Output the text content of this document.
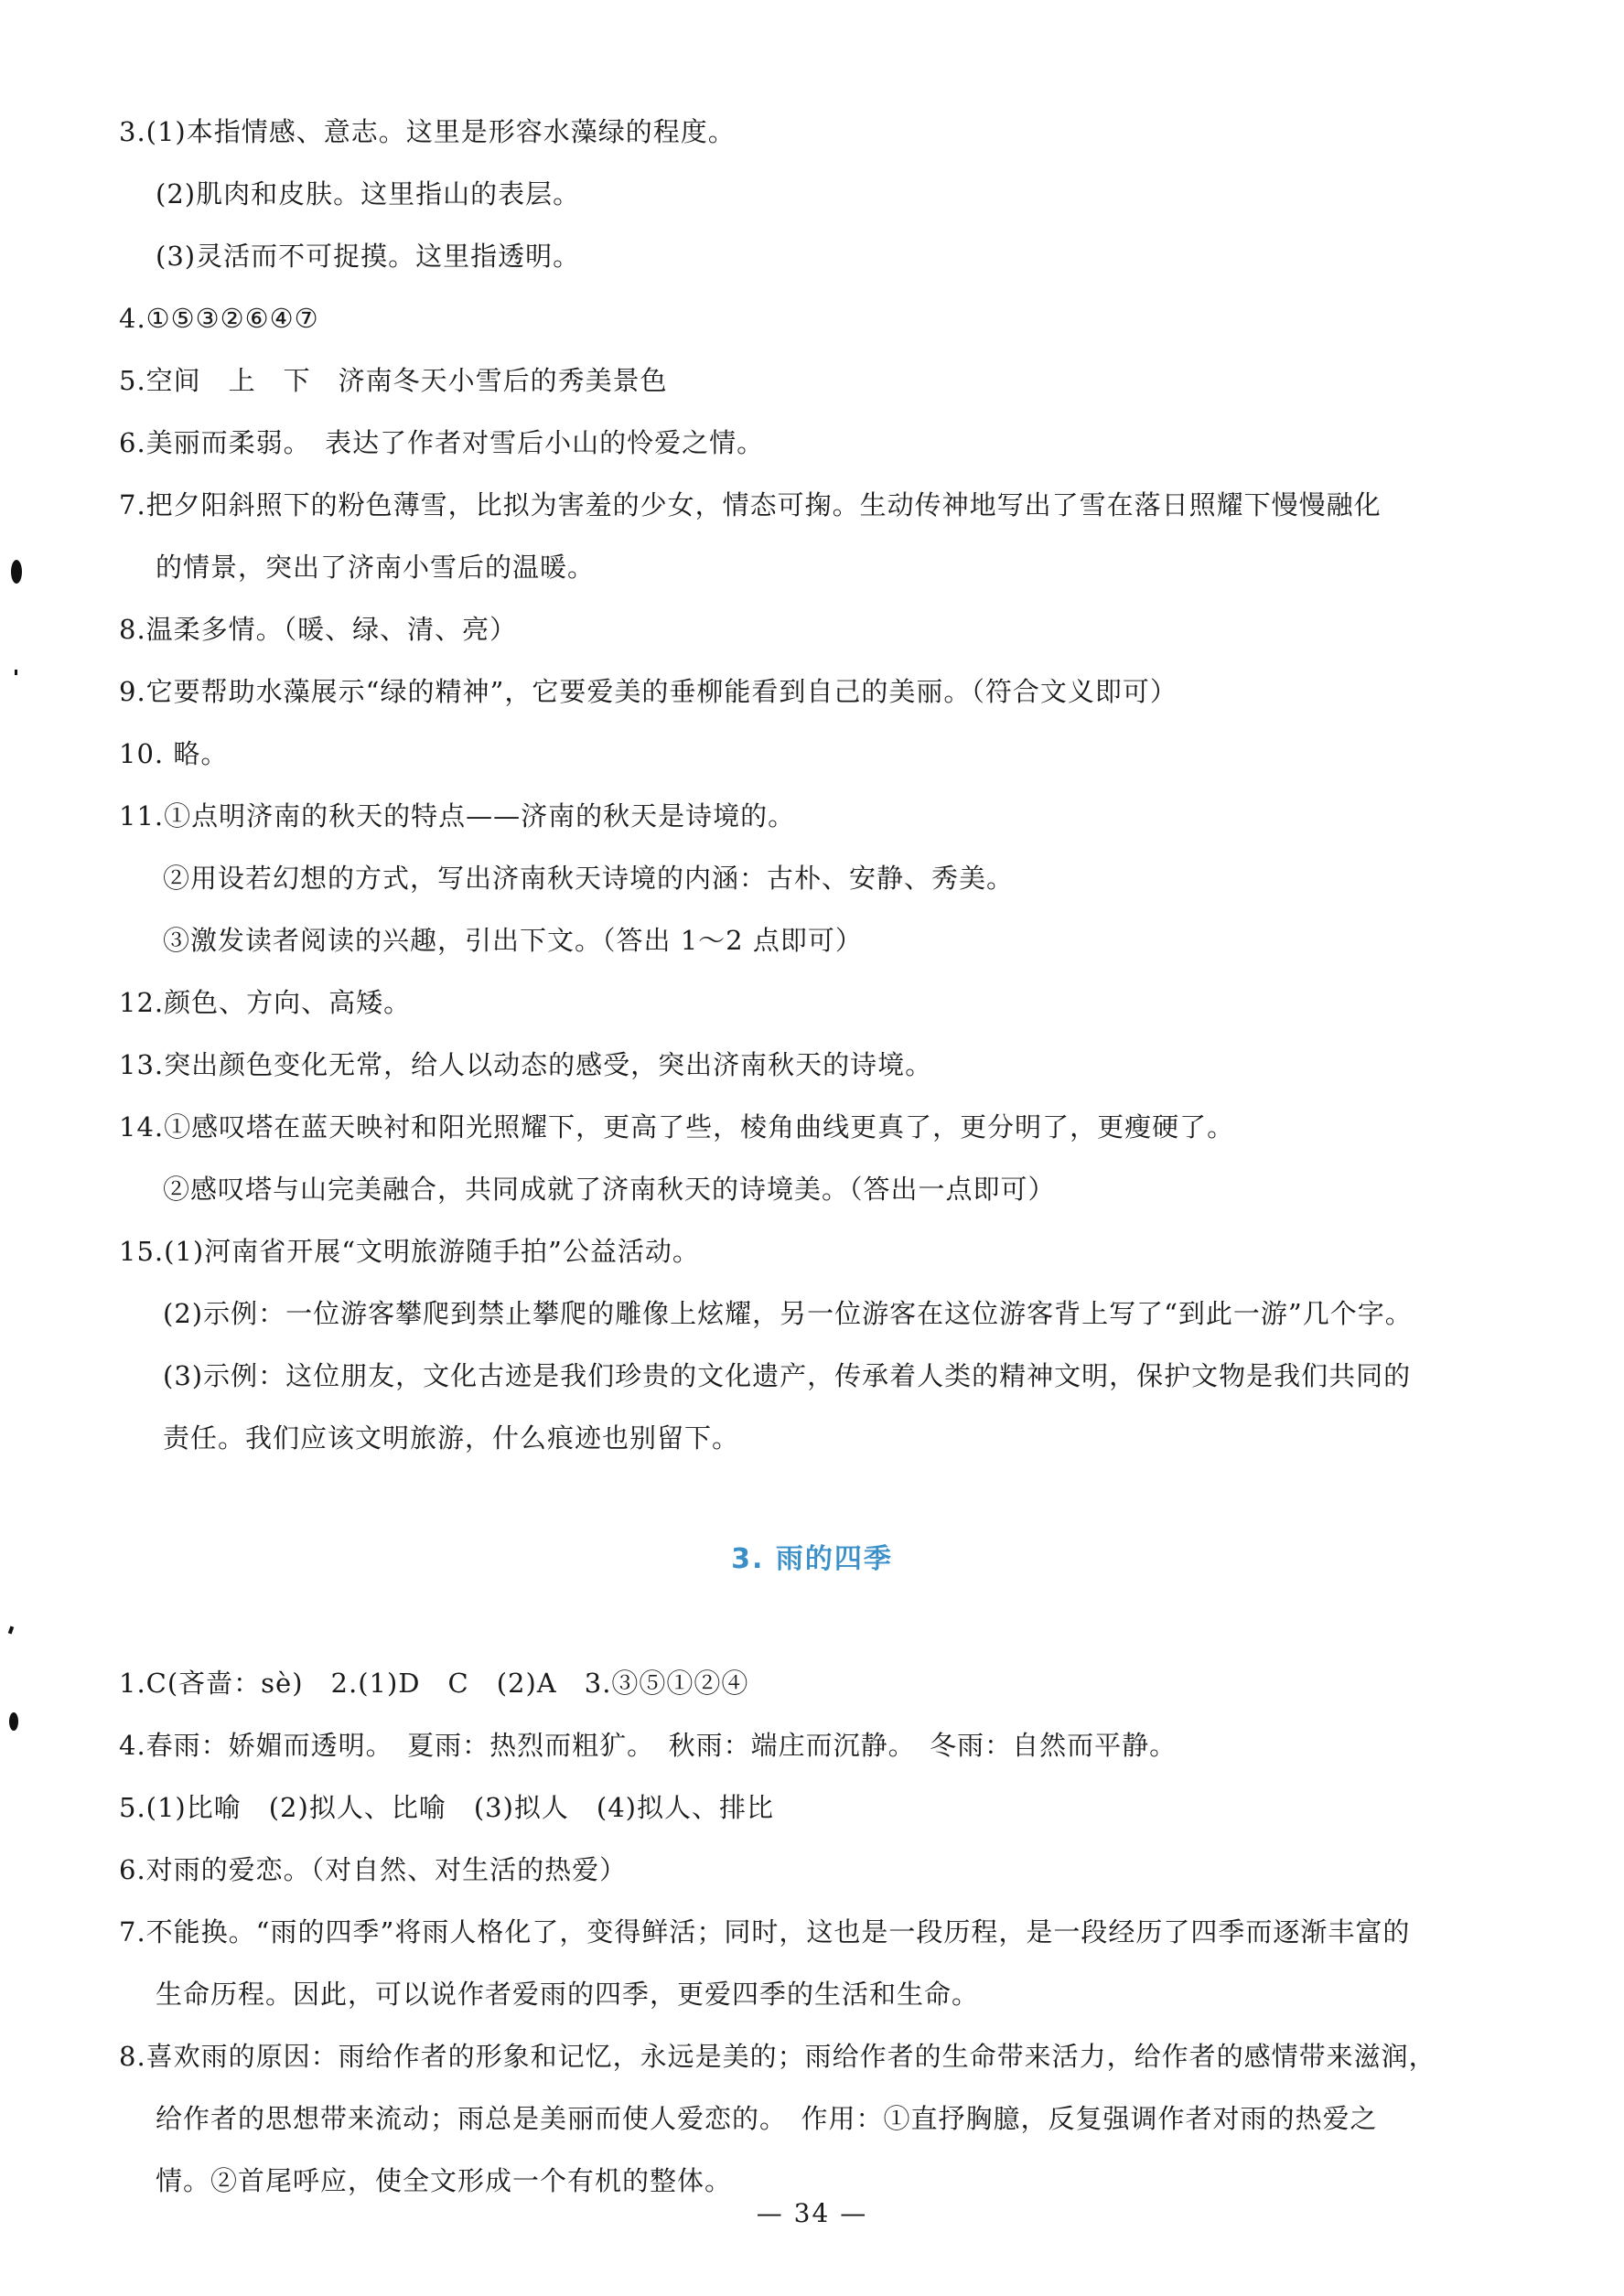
3.(1)本指情感、意志。这里是形容水藻绿的程度。
(2)肌肉和皮肤。这里指山的表层。
(3)灵活而不可捉摸。这里指透明。
4.①⑤③②⑥④⑦
5.空间　上　下　济南冬天小雪后的秀美景色
6.美丽而柔弱。　表达了作者对雪后小山的怜爱之情。
7.把夕阳斜照下的粉色薄雪，比拟为害羞的少女，情态可掬。生动传神地写出了雪在落日照耀下慢慢融化
的情景，突出了济南小雪后的温暖。
8.温柔多情。（暖、绿、清、亮）
9.它要帮助水藻展示“绿的精神”，它要爱美的垂柳能看到自己的美丽。（符合文义即可）
10. 略。
11.①点明济南的秋天的特点——济南的秋天是诗境的。
②用设若幻想的方式，写出济南秋天诗境的内涵：古朴、安静、秀美。
③激发读者阅读的兴趣，引出下文。（答出 1～2 点即可）
12.颜色、方向、高矮。
13.突出颜色变化无常，给人以动态的感受，突出济南秋天的诗境。
14.①感叹塔在蓝天映衬和阳光照耀下，更高了些，棱角曲线更真了，更分明了，更瘦硬了。
②感叹塔与山完美融合，共同成就了济南秋天的诗境美。（答出一点即可）
15.(1)河南省开展“文明旅游随手拍”公益活动。
(2)示例：一位游客攀爬到禁止攀爬的雕像上炫耀，另一位游客在这位游客背上写了“到此一游”几个字。
(3)示例：这位朋友，文化古迹是我们珍贵的文化遗产，传承着人类的精神文明，保护文物是我们共同的
责任。我们应该文明旅游，什么痕迹也别留下。
3. 雨的四季
1.C(吝啬：sè)　2.(1)D　C　(2)A　3.③⑤①②④
4.春雨：娇媚而透明。　夏雨：热烈而粗犷。　秋雨：端庄而沉静。　冬雨：自然而平静。
5.(1)比喻　(2)拟人、比喻　(3)拟人　(4)拟人、排比
6.对雨的爱恋。（对自然、对生活的热爱）
7.不能换。“雨的四季”将雨人格化了，变得鲜活；同时，这也是一段历程，是一段经历了四季而逐渐丰富的
生命历程。因此，可以说作者爱雨的四季，更爱四季的生活和生命。
8.喜欢雨的原因：雨给作者的形象和记忆，永远是美的；雨给作者的生命带来活力，给作者的感情带来滋润，
给作者的思想带来流动；雨总是美丽而使人爱恋的。　作用：①直抒胸臆，反复强调作者对雨的热爱之
情。②首尾呼应，使全文形成一个有机的整体。
— 34 —
